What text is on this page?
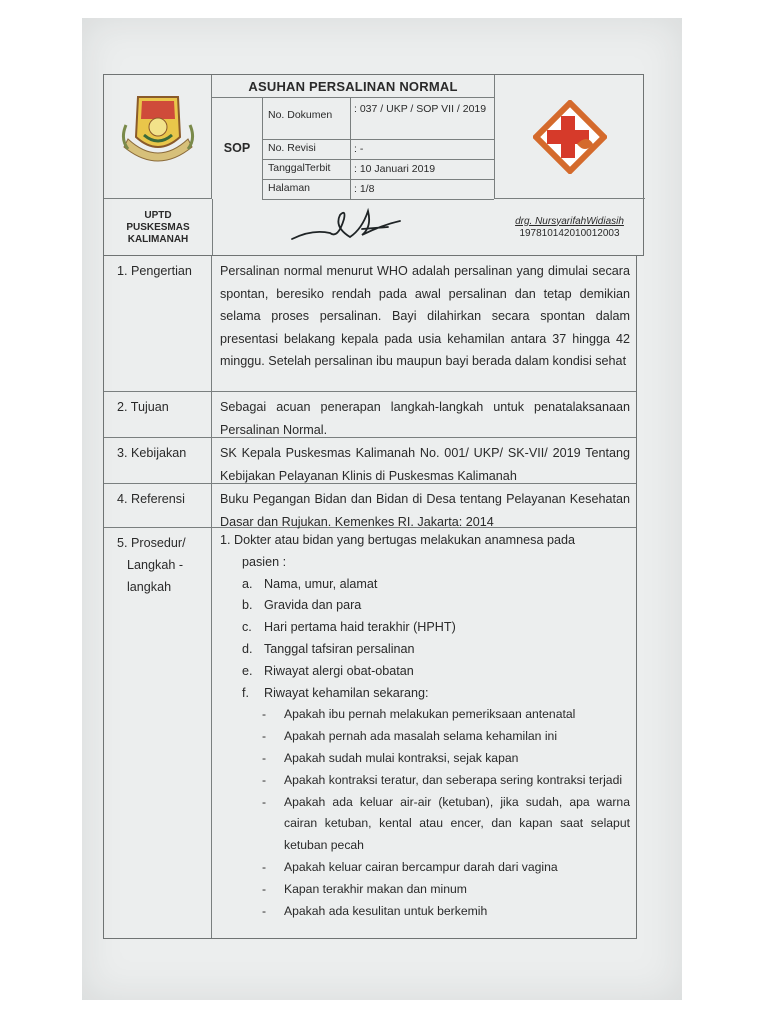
ASUHAN PERSALINAN NORMAL
SOP
No. Dokumen	: 037 / UKP / SOP VII / 2019
No. Revisi	: -
TanggalTerbit	: 10 Januari 2019
Halaman	: 1/8
UPTD
PUSKESMAS
KALIMANAH
drg. NursyarifahWidiasih
197810142010012003
1. Pengertian	Persalinan normal menurut WHO adalah persalinan yang dimulai secara spontan, beresiko rendah pada awal persalinan dan tetap demikian selama proses persalinan. Bayi dilahirkan secara spontan dalam presentasi belakang kepala pada usia kehamilan antara 37 hingga 42 minggu. Setelah persalinan ibu maupun bayi berada dalam kondisi sehat
2. Tujuan	Sebagai acuan penerapan langkah-langkah untuk penatalaksanaan Persalinan Normal.
3. Kebijakan	SK Kepala Puskesmas Kalimanah No. 001/ UKP/ SK-VII/ 2019 Tentang Kebijakan Pelayanan Klinis di Puskesmas Kalimanah
4. Referensi	Buku Pegangan Bidan dan Bidan di Desa tentang Pelayanan Kesehatan Dasar dan Rujukan. Kemenkes RI. Jakarta: 2014
5. Prosedur/
Langkah -
langkah
1. Dokter atau bidan yang bertugas melakukan anamnesa pada
pasien :
a. Nama, umur, alamat
b. Gravida dan para
c. Hari pertama haid terakhir (HPHT)
d. Tanggal tafsiran persalinan
e. Riwayat alergi obat-obatan
f.	Riwayat kehamilan sekarang:
- Apakah ibu pernah melakukan pemeriksaan antenatal
- Apakah pernah ada masalah selama kehamilan ini
- Apakah sudah mulai kontraksi, sejak kapan
- Apakah kontraksi teratur, dan seberapa sering kontraksi terjadi
- Apakah ada keluar air-air (ketuban), jika sudah, apa warna cairan ketuban, kental atau encer, dan kapan saat selaput ketuban pecah
- Apakah keluar cairan bercampur darah dari vagina
- Kapan terakhir makan dan minum
- Apakah ada kesulitan untuk berkemih
